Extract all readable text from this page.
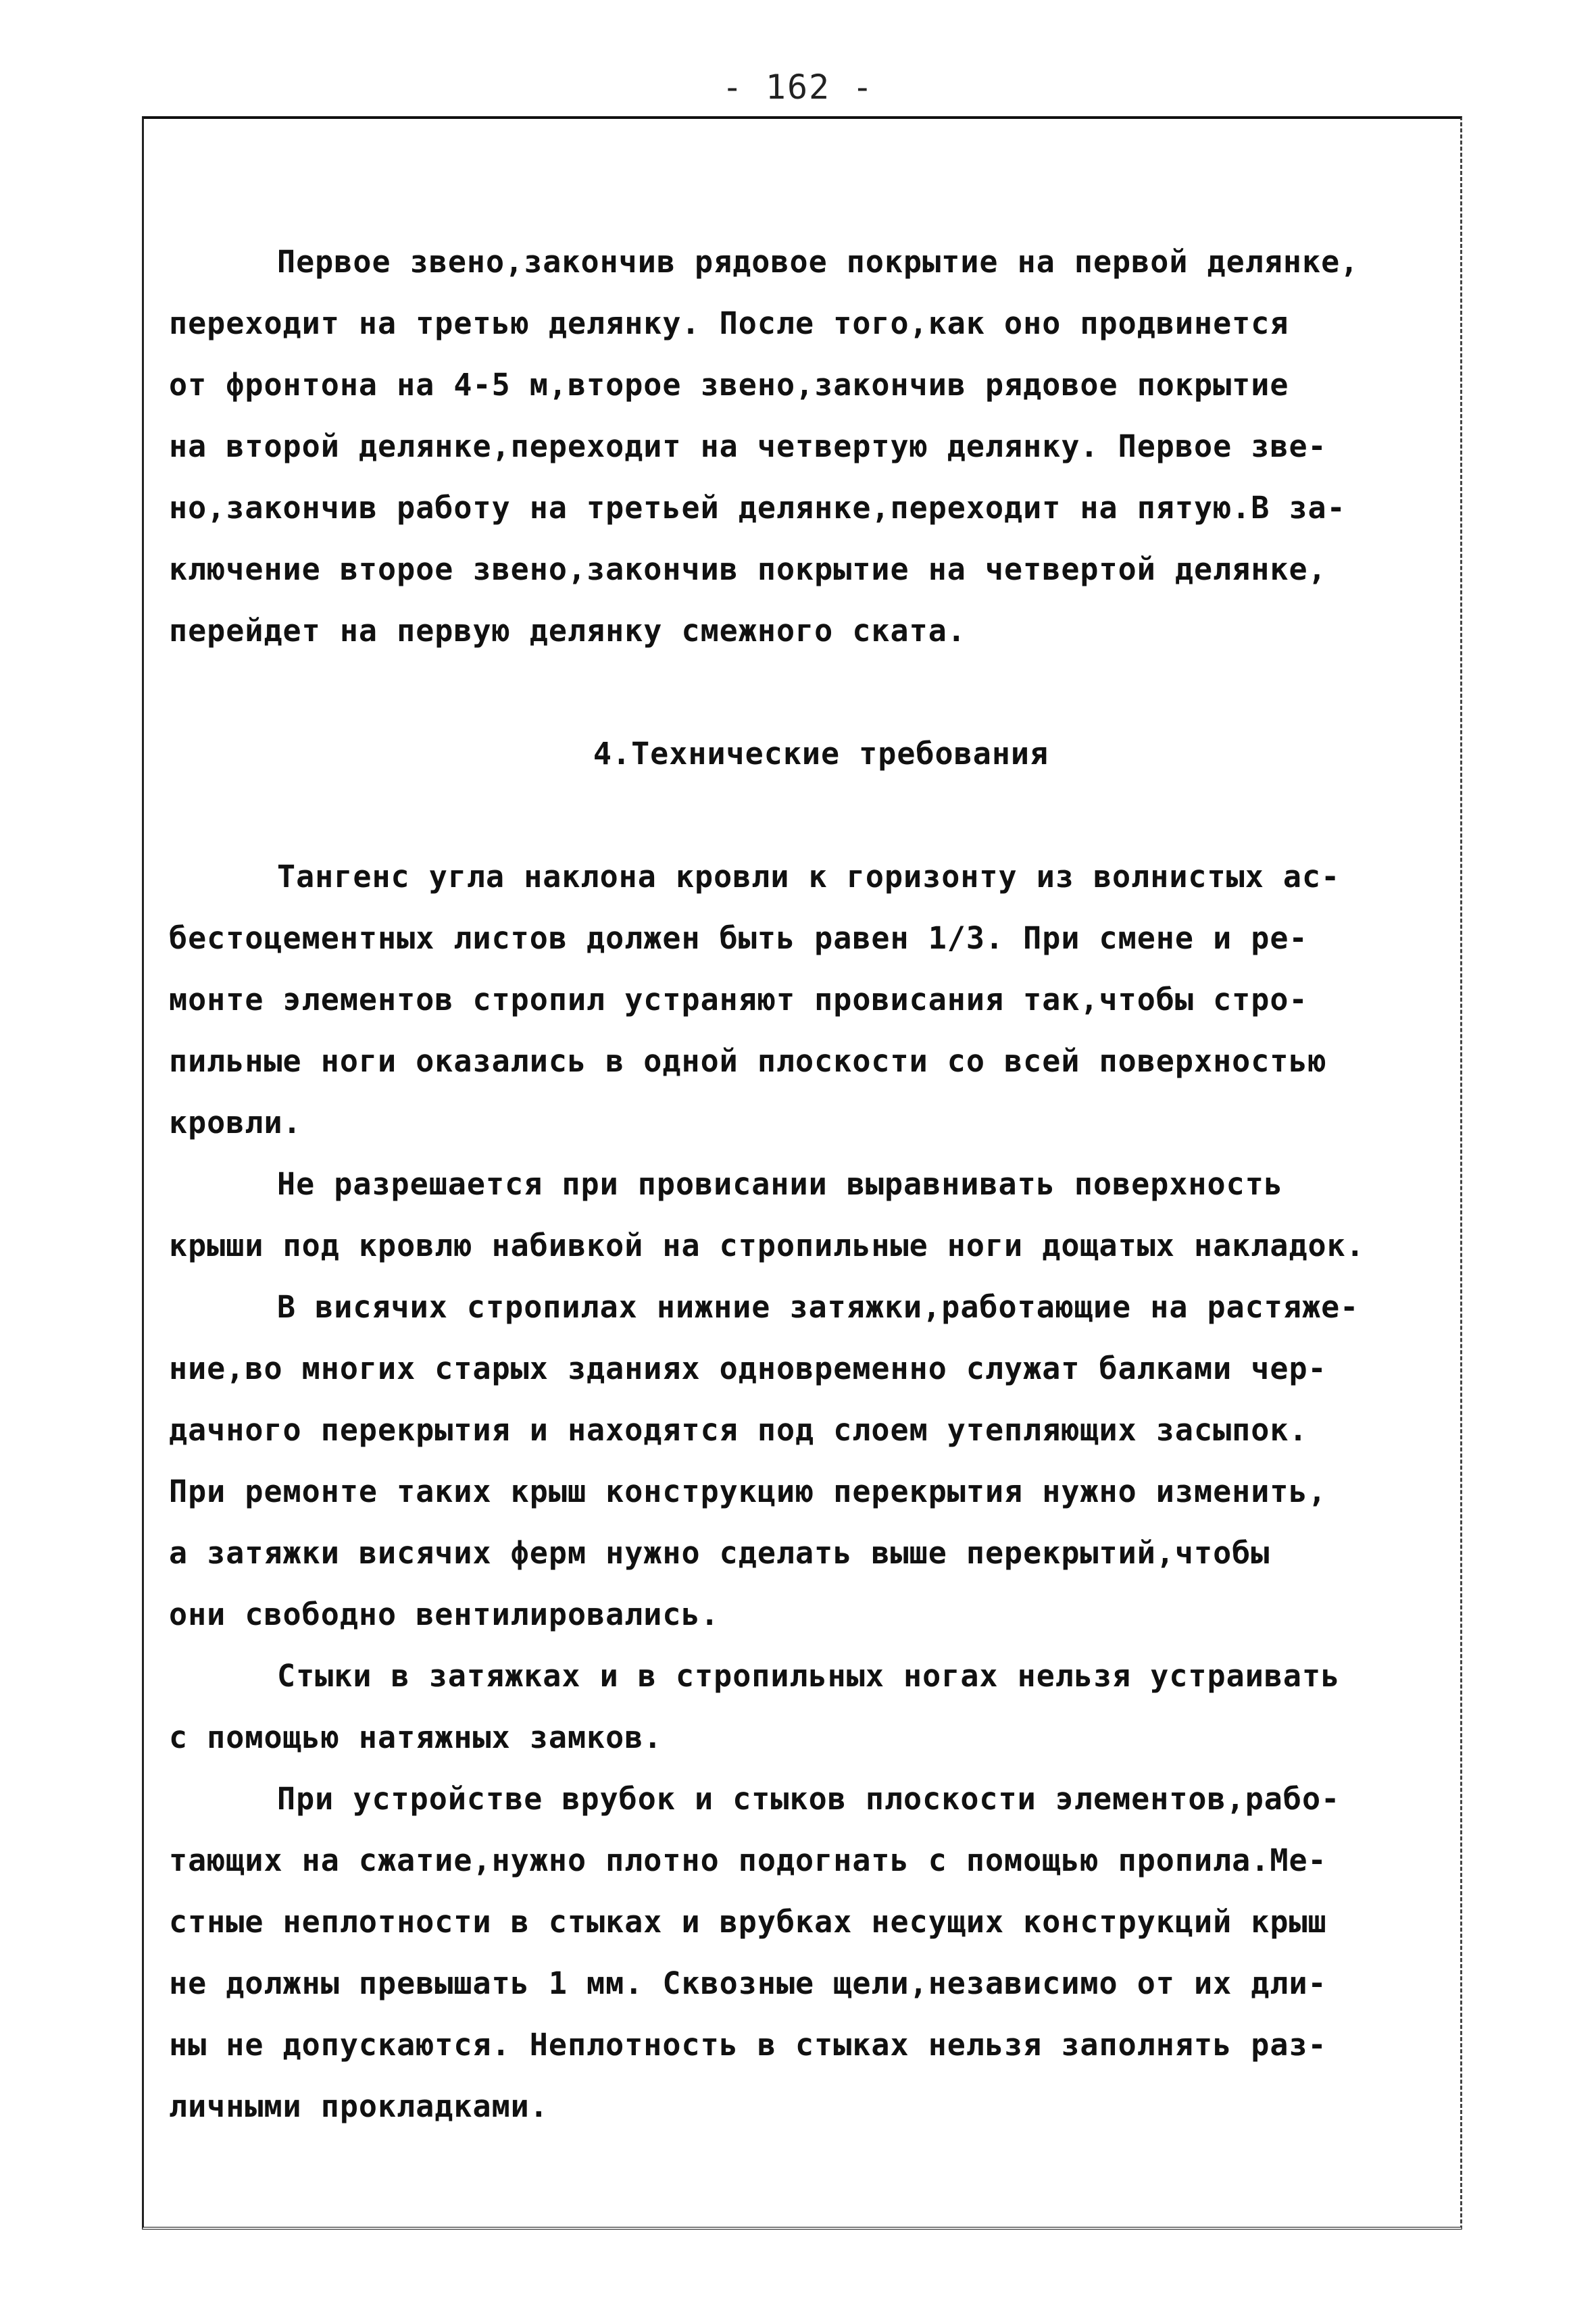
- 162 -
Первое звено,закончив рядовое покрытие на первой делянке,
переходит на третью делянку. После того,как оно продвинется
от фронтона на 4-5 м,второе звено,закончив рядовое покрытие
на второй делянке,переходит на четвертую делянку. Первое зве-
но,закончив работу на третьей делянке,переходит на пятую.В за-
ключение второе звено,закончив покрытие на четвертой делянке,
перейдет на первую делянку смежного ската.
4.Технические требования
Тангенс угла наклона кровли к горизонту из волнистых ас-
бестоцементных листов должен быть равен 1/3. При смене и ре-
монте элементов стропил устраняют провисания так,чтобы стро-
пильные ноги оказались в одной плоскости со всей поверхностью
кровли.
Не разрешается при провисании выравнивать поверхность
крыши под кровлю набивкой на стропильные ноги дощатых накладок.
В висячих стропилах нижние затяжки,работающие на растяже-
ние,во многих старых зданиях одновременно служат балками чер-
дачного перекрытия и находятся под слоем утепляющих засыпок.
При ремонте таких крыш конструкцию перекрытия нужно изменить,
а затяжки висячих ферм нужно сделать выше перекрытий,чтобы
они свободно вентилировались.
Стыки в затяжках и в стропильных ногах нельзя устраивать
с помощью натяжных замков.
При устройстве врубок и стыков плоскости элементов,рабо-
тающих на сжатие,нужно плотно подогнать с помощью пропила.Ме-
стные неплотности в стыках и врубках несущих конструкций крыш
не должны превышать 1 мм. Сквозные щели,независимо от их дли-
ны не допускаются. Неплотность в стыках нельзя заполнять раз-
личными прокладками.
